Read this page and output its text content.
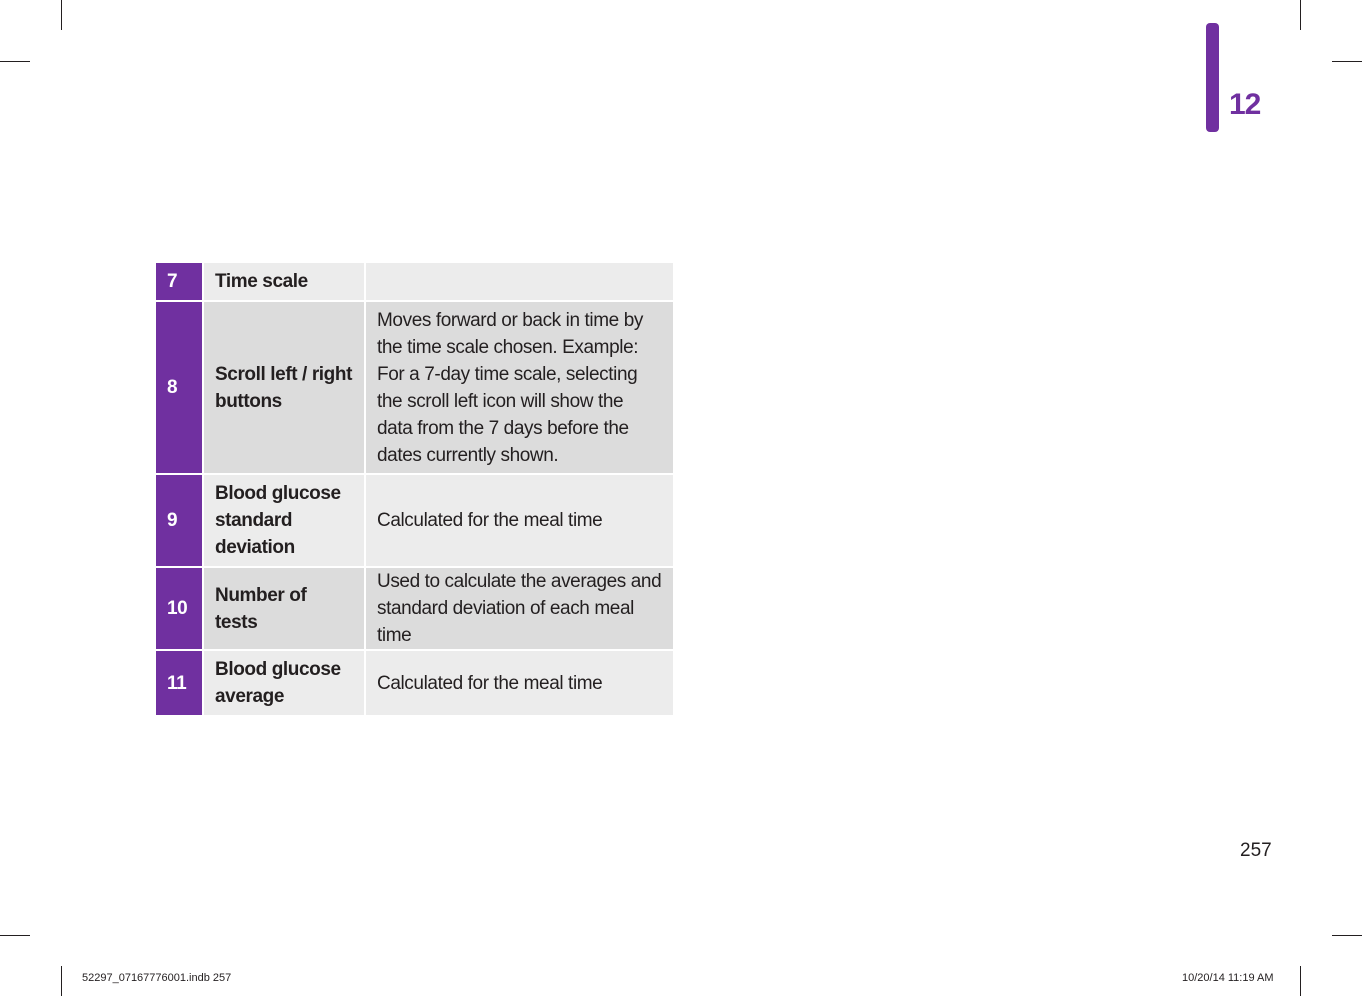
12
7	Time scale	
8	Scroll left / right buttons	Moves forward or back in time by the time scale chosen. Example: For a 7-day time scale, selecting the scroll left icon will show the data from the 7 days before the dates currently shown.
9	Blood glucose standard deviation	Calculated for the meal time
10	Number of tests	Used to calculate the averages and standard deviation of each meal time
11	Blood glucose average	Calculated for the meal time
257
52297_07167776001.indb 257	10/20/14 11:19 AM
